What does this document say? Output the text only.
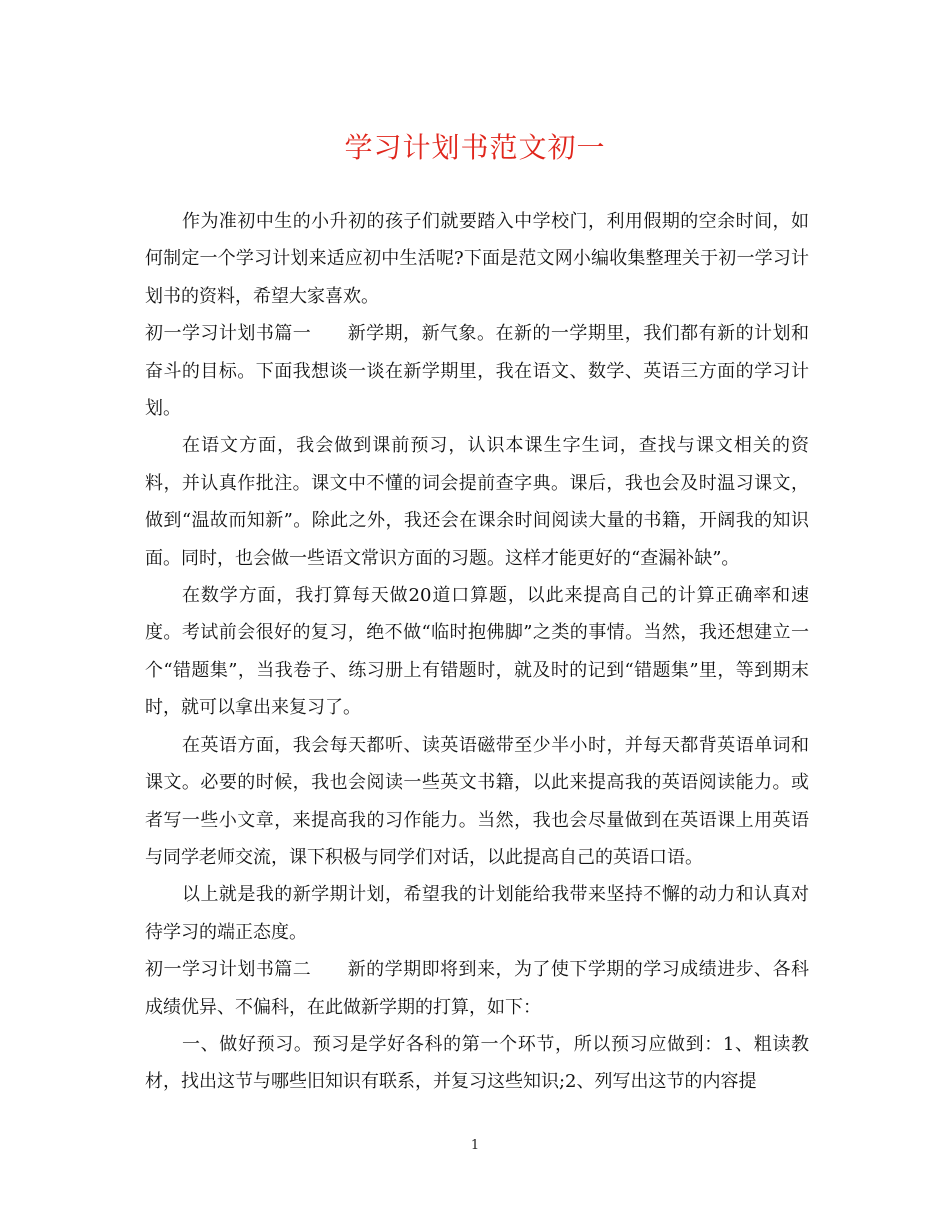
学习计划书范文初一

作为准初中生的小升初的孩子们就要踏入中学校门，利用假期的空余时间，如何制定一个学习计划来适应初中生活呢?下面是范文网小编收集整理关于初一学习计划书的资料，希望大家喜欢。

初一学习计划书篇一 新学期，新气象。在新的一学期里，我们都有新的计划和奋斗的目标。下面我想谈一谈在新学期里，我在语文、数学、英语三方面的学习计划。

在语文方面，我会做到课前预习，认识本课生字生词，查找与课文相关的资料，并认真作批注。课文中不懂的词会提前查字典。课后，我也会及时温习课文，做到“温故而知新”。除此之外，我还会在课余时间阅读大量的书籍，开阔我的知识面。同时，也会做一些语文常识方面的习题。这样才能更好的“查漏补缺”。

在数学方面，我打算每天做20道口算题，以此来提高自己的计算正确率和速度。考试前会很好的复习，绝不做“临时抱佛脚”之类的事情。当然，我还想建立一个“错题集”，当我卷子、练习册上有错题时，就及时的记到“错题集”里，等到期末时，就可以拿出来复习了。

在英语方面，我会每天都听、读英语磁带至少半小时，并每天都背英语单词和课文。必要的时候，我也会阅读一些英文书籍，以此来提高我的英语阅读能力。或者写一些小文章，来提高我的习作能力。当然，我也会尽量做到在英语课上用英语与同学老师交流，课下积极与同学们对话，以此提高自己的英语口语。

以上就是我的新学期计划，希望我的计划能给我带来坚持不懈的动力和认真对待学习的端正态度。

初一学习计划书篇二 新的学期即将到来，为了使下学期的学习成绩进步、各科成绩优异、不偏科，在此做新学期的打算，如下：

一、做好预习。预习是学好各科的第一个环节，所以预习应做到：1、粗读教材，找出这节与哪些旧知识有联系，并复习这些知识;2、列写出这节的内容提

1
